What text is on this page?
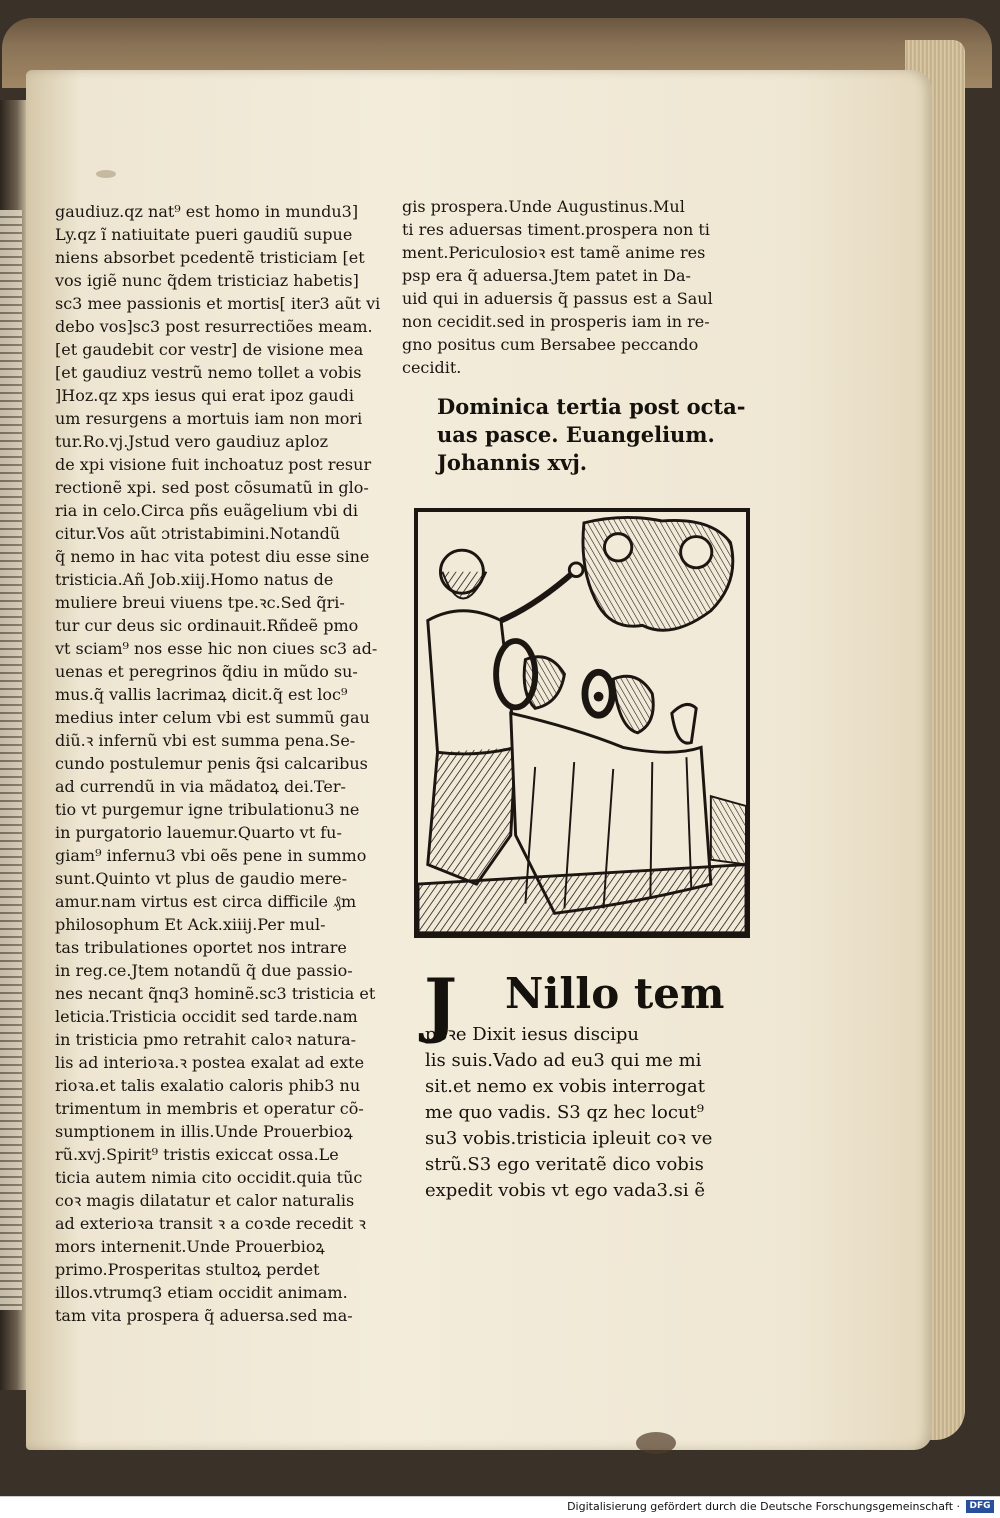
gaudiuz.qz nat⁹ est homo in mundu3]
Ly.qz ĩ natiuitate pueri gaudiũ supue
niens absorbet pcedentẽ tristiciam [et
vos igiẽ nunc q̃dem tristiciaz habetis]
sc3 mee passionis et mortis[ iter3 aũt vi
debo vos]sc3 post resurrectiões meam.
[et gaudebit cor vestr] de visione mea
[et gaudiuz vestrũ nemo tollet a vobis
]Hoz.qz xps iesus qui erat ipoz gaudi
um resurgens a mortuis iam non mori
tur.Ro.vj.Jstud vero gaudiuz aploz
de xpi visione fuit inchoatuz post resur
rectionẽ xpi. sed post cõsumatũ in glo-
ria in celo.Circa pñs euãgelium vbi di
citur.Vos aũt ɔtristabimini.Notandũ
q̃ nemo in hac vita potest diu esse sine
tristicia.Añ Job.xiij.Homo natus de
muliere breui viuens tpe.ꝛc.Sed q̃ri-
tur cur deus sic ordinauit.Rñdeẽ pmo
vt sciam⁹ nos esse hic non ciues sc3 ad-
uenas et peregrinos q̃diu in mũdo su-
mus.q̃ vallis lacrimaꝝ dicit.q̃ est loc⁹
medius inter celum vbi est summũ gau
diũ.ꝛ infernũ vbi est summa pena.Se-
cundo postulemur penis q̃si calcaribus
ad currendũ in via mãdatoꝝ dei.Ter-
tio vt purgemur igne tribulationu3 ne
in purgatorio lauemur.Quarto vt fu-
giam⁹ infernu3 vbi oẽs pene in summo
sunt.Quinto vt plus de gaudio mere-
amur.nam virtus est circa difficile ₰m
philosophum Et Ack.xiiij.Per mul-
tas tribulationes oportet nos intrare
in reg.ce.Jtem notandũ q̃ due passio-
nes necant q̃nq3 hominẽ.sc3 tristicia et
leticia.Tristicia occidit sed tarde.nam
in tristicia pmo retrahit caloꝛ natura-
lis ad interioꝛa.ꝛ postea exalat ad exte
rioꝛa.et talis exalatio caloris phib3 nu
trimentum in membris et operatur cõ-
sumptionem in illis.Unde Prouerbioꝝ
rũ.xvj.Spirit⁹ tristis exiccat ossa.Le
ticia autem nimia cito occidit.quia tũc
coꝛ magis dilatatur et calor naturalis
ad exterioꝛa transit ꝛ a coꝛde recedit ꝛ
mors internenit.Unde Prouerbioꝝ
primo.Prosperitas stultoꝝ perdet
illos.vtrumq3 etiam occidit animam.
tam vita prospera q̃ aduersa.sed ma-
gis prospera.Unde Augustinus.Mul
ti res aduersas timent.prospera non ti
ment.Periculosioꝛ est tamẽ anime res
psp era q̃ aduersa.Jtem patet in Da-
uid qui in aduersis q̃ passus est a Saul
non cecidit.sed in prosperis iam in re-
gno positus cum Bersabee peccando
cecidit.
Dominica tertia post octa-
uas pasce. Euangelium.
Johannis xvj.
J	Nillo tem
poꝛe Dixit iesus discipu
lis suis.Vado ad eu3 qui me mi
sit.et nemo ex vobis interrogat
me quo vadis. S3 qz hec locut⁹
su3 vobis.tristicia ipleuit coꝛ ve
strũ.S3 ego veritatẽ dico vobis
expedit vobis vt ego vada3.si ẽ
Digitalisierung gefördert durch die Deutsche Forschungsgemeinschaft ·	DFG
